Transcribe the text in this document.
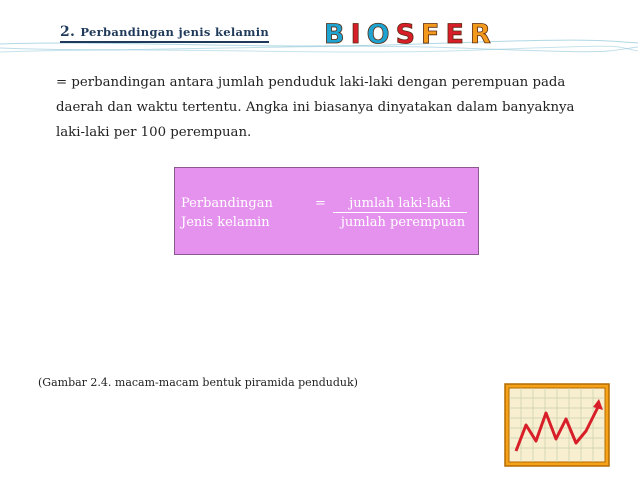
2. Perbandingan jenis kelamin BIOSFER
= perbandingan antara jumlah penduduk laki-laki dengan perempuan pada daerah dan waktu tertentu. Angka ini biasanya dinyatakan dalam banyaknya laki-laki per 100 perempuan.
Perbandingan
Jenis kelamin
=	jumlah laki-laki
jumlah perempuan
(Gambar 2.4. macam-macam bentuk piramida penduduk)
